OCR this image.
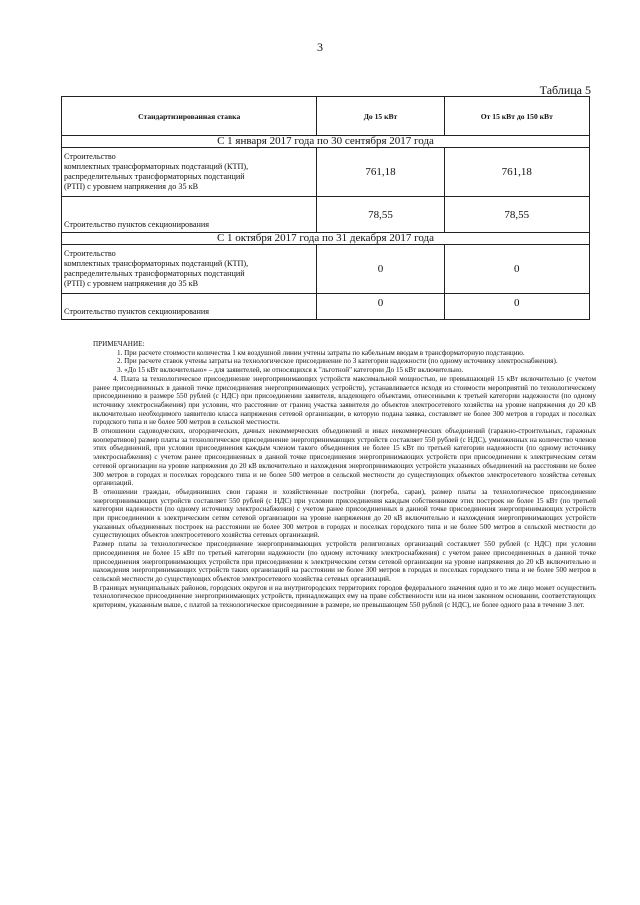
3
Таблица 5
Стандартизированная ставка	До 15 кВт	От 15 кВт до 150 кВт
С 1 января 2017 года по 30 сентября 2017 года		
Строительство
комплектных трансформаторных подстанций (КТП),
распределительных трансформаторных подстанций
(РТП) с уровнем напряжения до 35 кВ	761,18	761,18
Строительство пунктов секционирования	78,55	78,55
С 1 октября 2017 года по 31 декабря 2017 года		
Строительство
комплектных трансформаторных подстанций (КТП),
распределительных трансформаторных подстанций
(РТП) с уровнем напряжения до 35 кВ	0	0
Строительство пунктов секционирования	0	0

ПРИМЕЧАНИЕ:

1. При расчете стоимости количества 1 км воздушной линии учтены затраты по кабельным вводам в трансформаторную подстанцию.
2. При расчете ставок учтены затраты на технологическое присоединение по 3 категории надежности (по одному источнику электроснабжения).
3. «До 15 кВт включительно» – для заявителей, не относящихся к "льготной" категории До 15 кВт включительно.
4. Плата за технологическое присоединение энергопринимающих устройств максимальной мощностью, не превышающей 15 кВт включительно (с учетом ранее присоединенных в данной точке присоединения энергопринимающих устройств), устанавливается исходя из стоимости мероприятий по технологическому присоединению в размере 550 рублей (с НДС) при присоединении заявителя, владеющего объектами, отнесенными к третьей категории надежности (по одному источнику электроснабжения) при условии, что расстояние от границ участка заявителя до объектов электросетевого хозяйства на уровне напряжения до 20 кВ включительно необходимого заявителю класса напряжения сетевой организации, в которую подана заявка, составляет не более 300 метров в городах и поселках городского типа и не более 500 метров в сельской местности.

В отношении садоводческих, огороднических, дачных некоммерческих объединений и иных некоммерческих объединений (гаражно-строительных, гаражных кооперативов) размер платы за технологическое присоединение энергопринимающих устройств составляет 550 рублей (с НДС), умноженных на количество членов этих объединений, при условии присоединения каждым членом такого объединения не более 15 кВт по третьей категории надежности (по одному источнику электроснабжения) с учетом ранее присоединенных в данной точке присоединения энергопринимающих устройств при присоединении к электрическим сетям сетевой организации на уровне напряжения до 20 кВ включительно и нахождения энергопринимающих устройств указанных объединений на расстоянии не более 300 метров в городах и поселках городского типа и не более 500 метров в сельской местности до существующих объектов электросетевого хозяйства сетевых организаций.

В отношении граждан, объединивших свои гаражи и хозяйственные постройки (погреба, сараи), размер платы за технологическое присоединение энергопринимающих устройств составляет 550 рублей (с НДС) при условии присоединения каждым собственником этих построек не более 15 кВт (по третьей категории надежности (по одному источнику электроснабжения) с учетом ранее присоединенных в данной точке присоединения энергопринимающих устройств при присоединении к электрическим сетям сетевой организации на уровне напряжения до 20 кВ включительно и нахождения энергопринимающих устройств указанных объединенных построек на расстоянии не более 300 метров в городах и поселках городского типа и не более 500 метров в сельской местности до существующих объектов электросетевого хозяйства сетевых организаций.

Размер платы за технологическое присоединение энергопринимающих устройств религиозных организаций составляет 550 рублей (с НДС) при условии присоединения не более 15 кВт по третьей категории надежности (по одному источнику электроснабжения) с учетом ранее присоединенных в данной точке присоединения энергопринимающих устройств при присоединении к электрическим сетям сетевой организации на уровне напряжения до 20 кВ включительно и нахождения энергопринимающих устройств таких организаций на расстоянии не более 300 метров в городах и поселках городского типа и не более 500 метров в сельской местности до существующих объектов электросетевого хозяйства сетевых организаций.

В границах муниципальных районов, городских округов и на внутригородских территориях городов федерального значения одно и то же лицо может осуществить технологическое присоединение энергопринимающих устройств, принадлежащих ему на праве собственности или на ином законном основании, соответствующих критериям, указанным выше, с платой за технологическое присоединение в размере, не превышающем 550 рублей (с НДС), не более одного раза в течение 3 лет.
